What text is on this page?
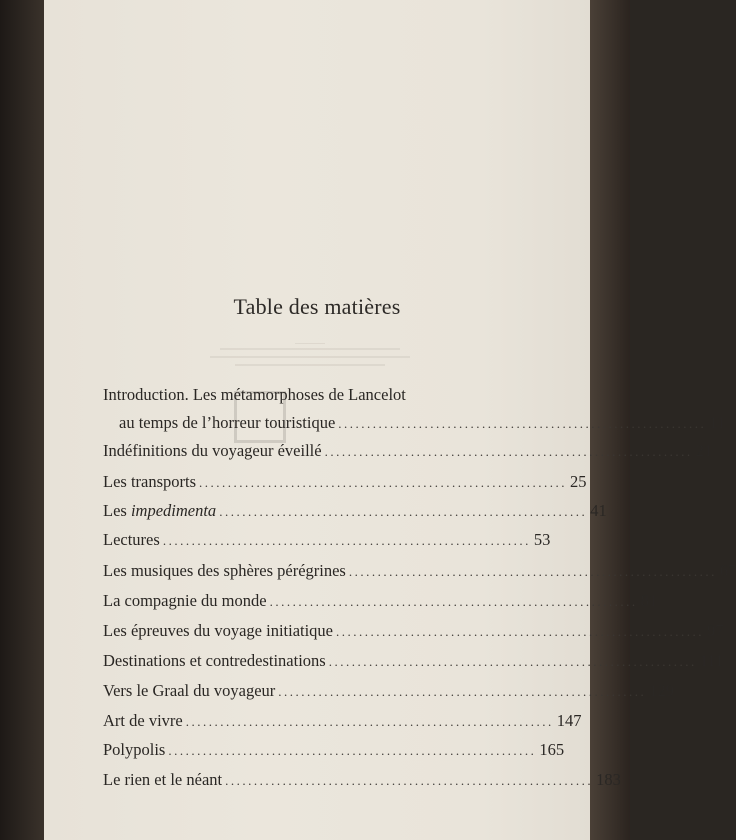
Table des matières
Introduction. Les métamorphoses de Lancelot
au temps de l’horreur touristique ................................................................ 11
Indéfinitions du voyageur éveillé ................................................................ 21
Les transports ................................................................ 25
Les impedimenta ................................................................ 41
Lectures ................................................................ 53
Les musiques des sphères pérégrines ................................................................ 67
La compagnie du monde ................................................................ 81
Les épreuves du voyage initiatique ................................................................ 97
Destinations et contredestinations ................................................................ 111
Vers le Graal du voyageur ................................................................ 129
Art de vivre ................................................................ 147
Polypolis ................................................................ 165
Le rien et le néant ................................................................ 183
